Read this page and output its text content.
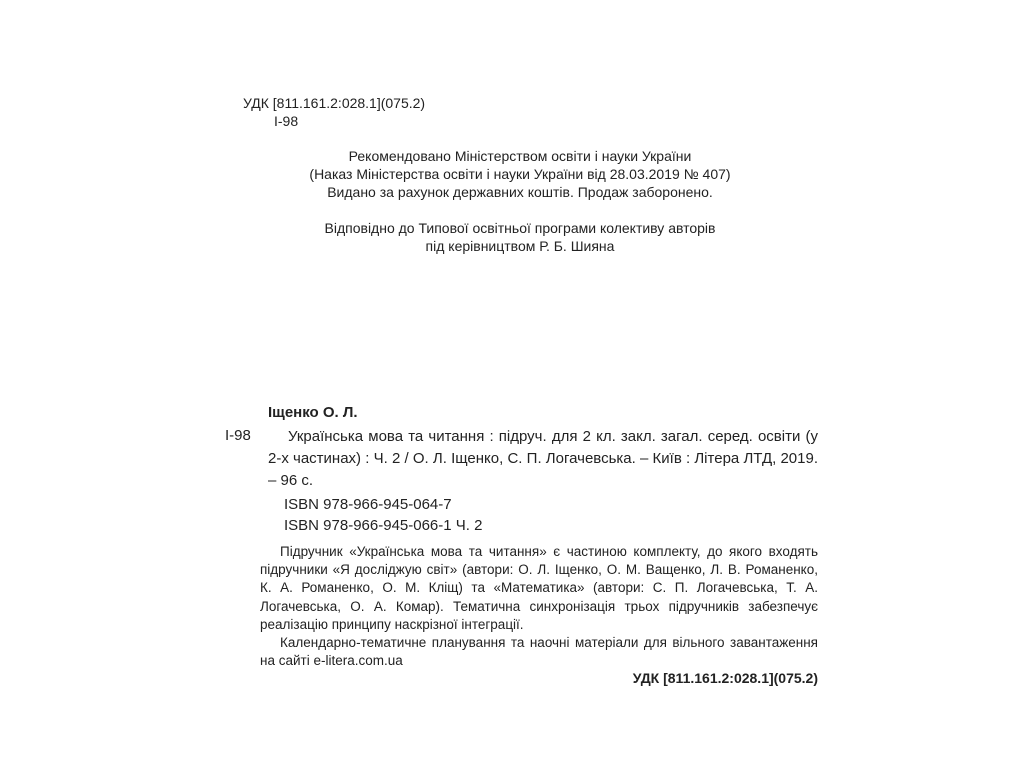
УДК [811.161.2:028.1](075.2)
І-98
Рекомендовано Міністерством освіти і науки України
(Наказ Міністерства освіти і науки України від 28.03.2019 № 407)
Видано за рахунок державних коштів. Продаж заборонено.
Відповідно до Типової освітньої програми колективу авторів
під керівництвом Р. Б. Шияна
Іщенко О. Л.
І-98	Українська мова та читання : підруч. для 2 кл. закл. загал. серед. освіти (у 2-х частинах) : Ч. 2 / О. Л. Іщенко, С. П. Логачевська. – Київ : Літера ЛТД, 2019. – 96 с.
ISBN 978-966-945-064-7
ISBN 978-966-945-066-1 Ч. 2
Підручник «Українська мова та читання» є частиною комплекту, до якого входять підручники «Я досліджую світ» (автори: О. Л. Іщенко, О. М. Ващенко, Л. В. Романенко, К. А. Романенко, О. М. Кліщ) та «Математика» (автори: С. П. Логачевська, Т. А. Логачевська, О. А. Комар). Тематична синхронізація трьох підручників забезпечує реалізацію принципу наскрізної інтеграції.
Календарно-тематичне планування та наочні матеріали для вільного завантаження на сайті e-litera.com.ua
УДК [811.161.2:028.1](075.2)
